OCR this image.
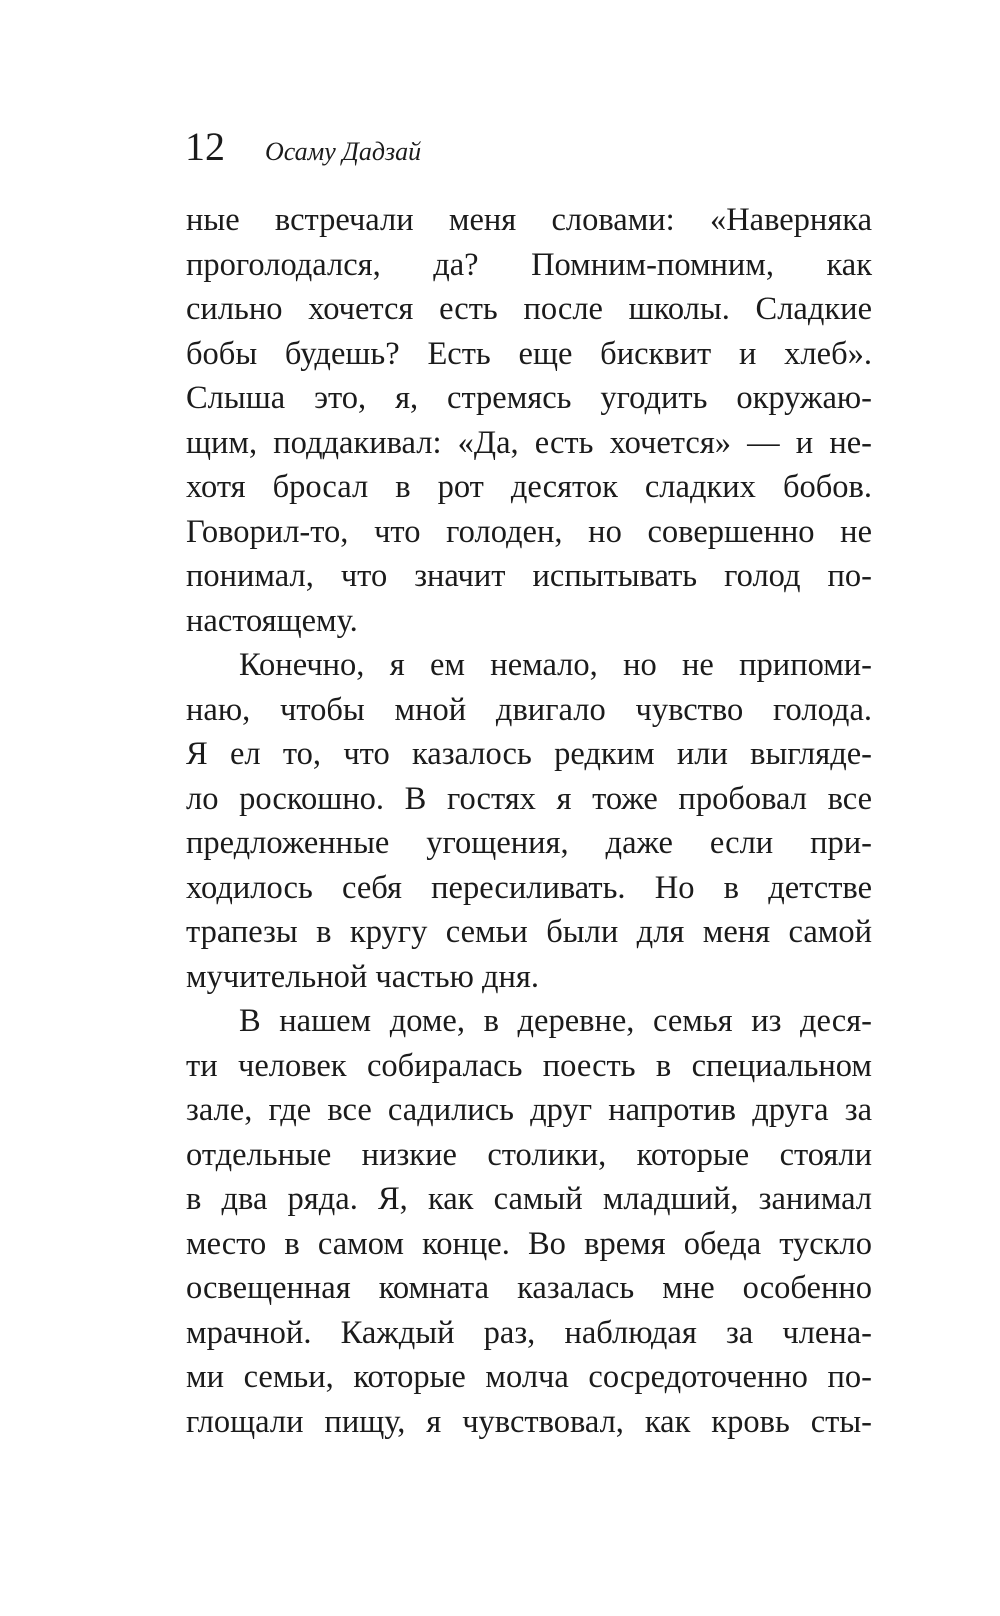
12 Осаму Дадзай
ные встречали меня словами: «Наверняка
проголодался, да? Помним-помним, как
сильно хочется есть после школы. Сладкие
бобы будешь? Есть еще бисквит и хлеб».
Слыша это, я, стремясь угодить окружаю-
щим, поддакивал: «Да, есть хочется» — и не-
хотя бросал в рот десяток сладких бобов.
Говорил-то, что голоден, но совершенно не
понимал, что значит испытывать голод по-
настоящему.
Конечно, я ем немало, но не припоми-
наю, чтобы мной двигало чувство голода.
Я ел то, что казалось редким или выгляде-
ло роскошно. В гостях я тоже пробовал все
предложенные угощения, даже если при-
ходилось себя пересиливать. Но в детстве
трапезы в кругу семьи были для меня самой
мучительной частью дня.
В нашем доме, в деревне, семья из деся-
ти человек собиралась поесть в специальном
зале, где все садились друг напротив друга за
отдельные низкие столики, которые стояли
в два ряда. Я, как самый младший, занимал
место в самом конце. Во время обеда тускло
освещенная комната казалась мне особенно
мрачной. Каждый раз, наблюдая за члена-
ми семьи, которые молча сосредоточенно по-
глощали пищу, я чувствовал, как кровь сты-
